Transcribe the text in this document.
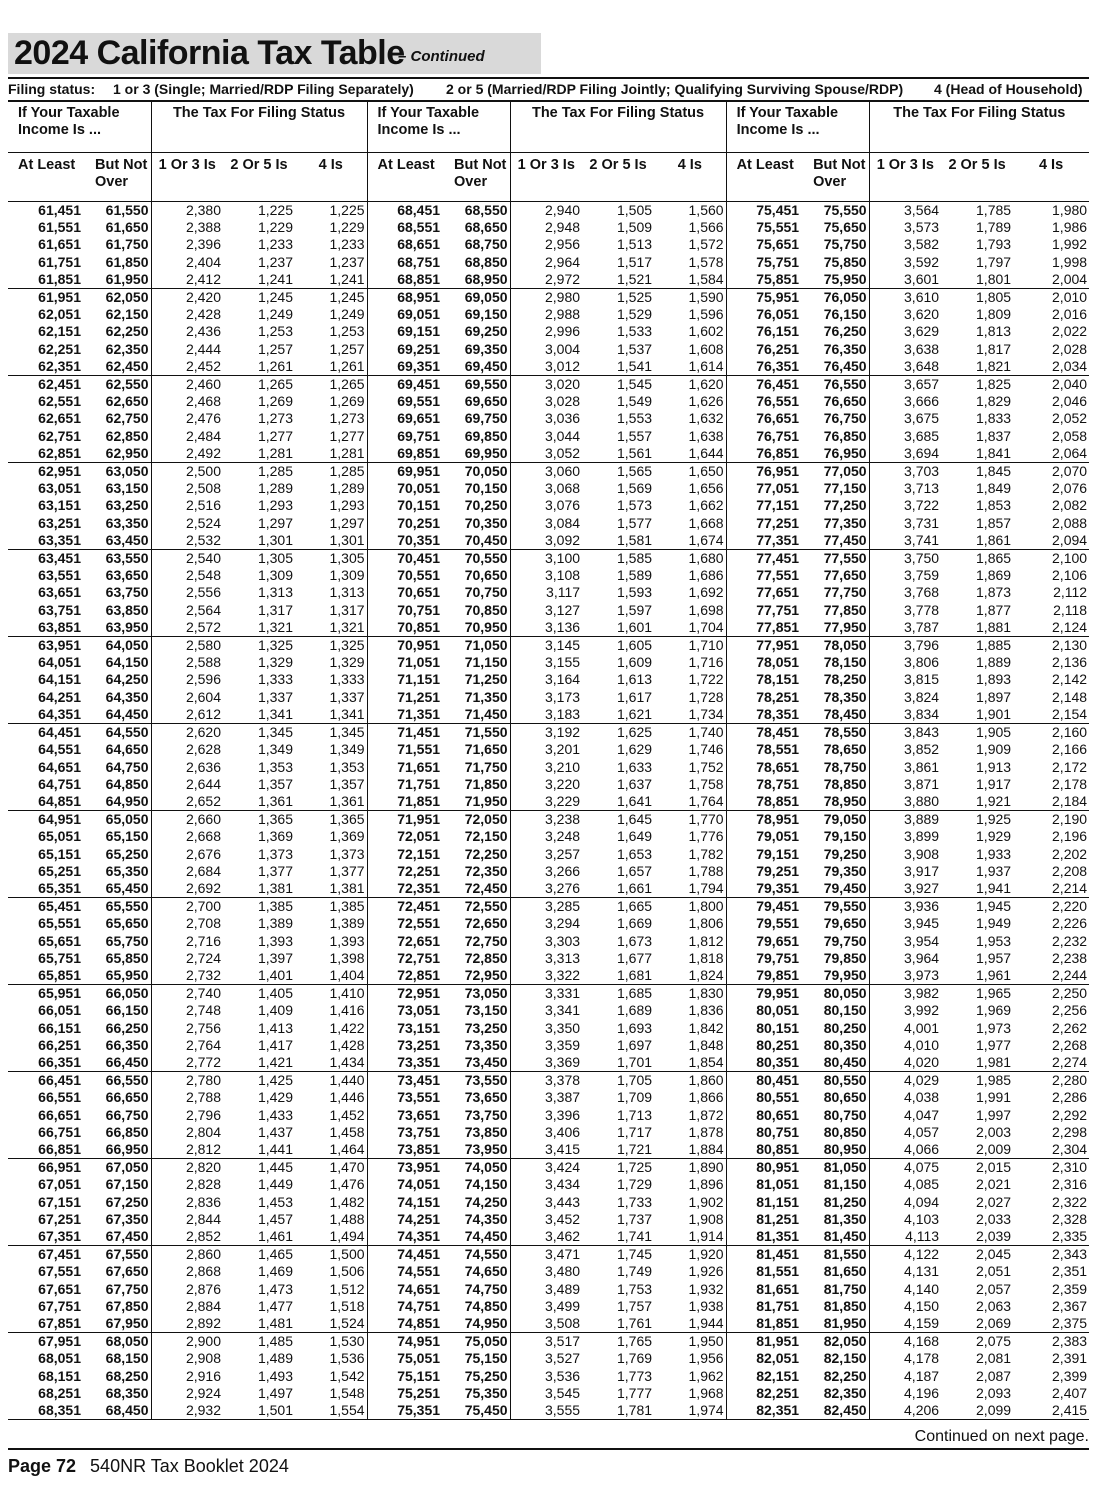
2024 California Tax Table
– Continued
Filing status: 1 or 3 (Single; Married/RDP Filing Separately) 2 or 5 (Married/RDP Filing Jointly; Qualifying Surviving Spouse/RDP) 4 (Head of Household)
If Your Taxable Income Is ...		The Tax For Filing Status			If Your Taxable Income Is ...		The Tax For Filing Status			If Your Taxable Income Is ...		The Tax For Filing Status		
At Least	But Not Over	1 Or 3 Is	2 Or 5 Is	4 Is	At Least	But Not Over	1 Or 3 Is	2 Or 5 Is	4 Is	At Least	But Not Over	1 Or 3 Is	2 Or 5 Is	4 Is
61,451	61,550	2,380	1,225	1,225	68,451	68,550	2,940	1,505	1,560	75,451	75,550	3,564	1,785	1,980
61,551	61,650	2,388	1,229	1,229	68,551	68,650	2,948	1,509	1,566	75,551	75,650	3,573	1,789	1,986
61,651	61,750	2,396	1,233	1,233	68,651	68,750	2,956	1,513	1,572	75,651	75,750	3,582	1,793	1,992
61,751	61,850	2,404	1,237	1,237	68,751	68,850	2,964	1,517	1,578	75,751	75,850	3,592	1,797	1,998
61,851	61,950	2,412	1,241	1,241	68,851	68,950	2,972	1,521	1,584	75,851	75,950	3,601	1,801	2,004
61,951	62,050	2,420	1,245	1,245	68,951	69,050	2,980	1,525	1,590	75,951	76,050	3,610	1,805	2,010
62,051	62,150	2,428	1,249	1,249	69,051	69,150	2,988	1,529	1,596	76,051	76,150	3,620	1,809	2,016
62,151	62,250	2,436	1,253	1,253	69,151	69,250	2,996	1,533	1,602	76,151	76,250	3,629	1,813	2,022
62,251	62,350	2,444	1,257	1,257	69,251	69,350	3,004	1,537	1,608	76,251	76,350	3,638	1,817	2,028
62,351	62,450	2,452	1,261	1,261	69,351	69,450	3,012	1,541	1,614	76,351	76,450	3,648	1,821	2,034
62,451	62,550	2,460	1,265	1,265	69,451	69,550	3,020	1,545	1,620	76,451	76,550	3,657	1,825	2,040
62,551	62,650	2,468	1,269	1,269	69,551	69,650	3,028	1,549	1,626	76,551	76,650	3,666	1,829	2,046
62,651	62,750	2,476	1,273	1,273	69,651	69,750	3,036	1,553	1,632	76,651	76,750	3,675	1,833	2,052
62,751	62,850	2,484	1,277	1,277	69,751	69,850	3,044	1,557	1,638	76,751	76,850	3,685	1,837	2,058
62,851	62,950	2,492	1,281	1,281	69,851	69,950	3,052	1,561	1,644	76,851	76,950	3,694	1,841	2,064
62,951	63,050	2,500	1,285	1,285	69,951	70,050	3,060	1,565	1,650	76,951	77,050	3,703	1,845	2,070
63,051	63,150	2,508	1,289	1,289	70,051	70,150	3,068	1,569	1,656	77,051	77,150	3,713	1,849	2,076
63,151	63,250	2,516	1,293	1,293	70,151	70,250	3,076	1,573	1,662	77,151	77,250	3,722	1,853	2,082
63,251	63,350	2,524	1,297	1,297	70,251	70,350	3,084	1,577	1,668	77,251	77,350	3,731	1,857	2,088
63,351	63,450	2,532	1,301	1,301	70,351	70,450	3,092	1,581	1,674	77,351	77,450	3,741	1,861	2,094
63,451	63,550	2,540	1,305	1,305	70,451	70,550	3,100	1,585	1,680	77,451	77,550	3,750	1,865	2,100
63,551	63,650	2,548	1,309	1,309	70,551	70,650	3,108	1,589	1,686	77,551	77,650	3,759	1,869	2,106
63,651	63,750	2,556	1,313	1,313	70,651	70,750	3,117	1,593	1,692	77,651	77,750	3,768	1,873	2,112
63,751	63,850	2,564	1,317	1,317	70,751	70,850	3,127	1,597	1,698	77,751	77,850	3,778	1,877	2,118
63,851	63,950	2,572	1,321	1,321	70,851	70,950	3,136	1,601	1,704	77,851	77,950	3,787	1,881	2,124
63,951	64,050	2,580	1,325	1,325	70,951	71,050	3,145	1,605	1,710	77,951	78,050	3,796	1,885	2,130
64,051	64,150	2,588	1,329	1,329	71,051	71,150	3,155	1,609	1,716	78,051	78,150	3,806	1,889	2,136
64,151	64,250	2,596	1,333	1,333	71,151	71,250	3,164	1,613	1,722	78,151	78,250	3,815	1,893	2,142
64,251	64,350	2,604	1,337	1,337	71,251	71,350	3,173	1,617	1,728	78,251	78,350	3,824	1,897	2,148
64,351	64,450	2,612	1,341	1,341	71,351	71,450	3,183	1,621	1,734	78,351	78,450	3,834	1,901	2,154
64,451	64,550	2,620	1,345	1,345	71,451	71,550	3,192	1,625	1,740	78,451	78,550	3,843	1,905	2,160
64,551	64,650	2,628	1,349	1,349	71,551	71,650	3,201	1,629	1,746	78,551	78,650	3,852	1,909	2,166
64,651	64,750	2,636	1,353	1,353	71,651	71,750	3,210	1,633	1,752	78,651	78,750	3,861	1,913	2,172
64,751	64,850	2,644	1,357	1,357	71,751	71,850	3,220	1,637	1,758	78,751	78,850	3,871	1,917	2,178
64,851	64,950	2,652	1,361	1,361	71,851	71,950	3,229	1,641	1,764	78,851	78,950	3,880	1,921	2,184
64,951	65,050	2,660	1,365	1,365	71,951	72,050	3,238	1,645	1,770	78,951	79,050	3,889	1,925	2,190
65,051	65,150	2,668	1,369	1,369	72,051	72,150	3,248	1,649	1,776	79,051	79,150	3,899	1,929	2,196
65,151	65,250	2,676	1,373	1,373	72,151	72,250	3,257	1,653	1,782	79,151	79,250	3,908	1,933	2,202
65,251	65,350	2,684	1,377	1,377	72,251	72,350	3,266	1,657	1,788	79,251	79,350	3,917	1,937	2,208
65,351	65,450	2,692	1,381	1,381	72,351	72,450	3,276	1,661	1,794	79,351	79,450	3,927	1,941	2,214
65,451	65,550	2,700	1,385	1,385	72,451	72,550	3,285	1,665	1,800	79,451	79,550	3,936	1,945	2,220
65,551	65,650	2,708	1,389	1,389	72,551	72,650	3,294	1,669	1,806	79,551	79,650	3,945	1,949	2,226
65,651	65,750	2,716	1,393	1,393	72,651	72,750	3,303	1,673	1,812	79,651	79,750	3,954	1,953	2,232
65,751	65,850	2,724	1,397	1,398	72,751	72,850	3,313	1,677	1,818	79,751	79,850	3,964	1,957	2,238
65,851	65,950	2,732	1,401	1,404	72,851	72,950	3,322	1,681	1,824	79,851	79,950	3,973	1,961	2,244
65,951	66,050	2,740	1,405	1,410	72,951	73,050	3,331	1,685	1,830	79,951	80,050	3,982	1,965	2,250
66,051	66,150	2,748	1,409	1,416	73,051	73,150	3,341	1,689	1,836	80,051	80,150	3,992	1,969	2,256
66,151	66,250	2,756	1,413	1,422	73,151	73,250	3,350	1,693	1,842	80,151	80,250	4,001	1,973	2,262
66,251	66,350	2,764	1,417	1,428	73,251	73,350	3,359	1,697	1,848	80,251	80,350	4,010	1,977	2,268
66,351	66,450	2,772	1,421	1,434	73,351	73,450	3,369	1,701	1,854	80,351	80,450	4,020	1,981	2,274
66,451	66,550	2,780	1,425	1,440	73,451	73,550	3,378	1,705	1,860	80,451	80,550	4,029	1,985	2,280
66,551	66,650	2,788	1,429	1,446	73,551	73,650	3,387	1,709	1,866	80,551	80,650	4,038	1,991	2,286
66,651	66,750	2,796	1,433	1,452	73,651	73,750	3,396	1,713	1,872	80,651	80,750	4,047	1,997	2,292
66,751	66,850	2,804	1,437	1,458	73,751	73,850	3,406	1,717	1,878	80,751	80,850	4,057	2,003	2,298
66,851	66,950	2,812	1,441	1,464	73,851	73,950	3,415	1,721	1,884	80,851	80,950	4,066	2,009	2,304
66,951	67,050	2,820	1,445	1,470	73,951	74,050	3,424	1,725	1,890	80,951	81,050	4,075	2,015	2,310
67,051	67,150	2,828	1,449	1,476	74,051	74,150	3,434	1,729	1,896	81,051	81,150	4,085	2,021	2,316
67,151	67,250	2,836	1,453	1,482	74,151	74,250	3,443	1,733	1,902	81,151	81,250	4,094	2,027	2,322
67,251	67,350	2,844	1,457	1,488	74,251	74,350	3,452	1,737	1,908	81,251	81,350	4,103	2,033	2,328
67,351	67,450	2,852	1,461	1,494	74,351	74,450	3,462	1,741	1,914	81,351	81,450	4,113	2,039	2,335
67,451	67,550	2,860	1,465	1,500	74,451	74,550	3,471	1,745	1,920	81,451	81,550	4,122	2,045	2,343
67,551	67,650	2,868	1,469	1,506	74,551	74,650	3,480	1,749	1,926	81,551	81,650	4,131	2,051	2,351
67,651	67,750	2,876	1,473	1,512	74,651	74,750	3,489	1,753	1,932	81,651	81,750	4,140	2,057	2,359
67,751	67,850	2,884	1,477	1,518	74,751	74,850	3,499	1,757	1,938	81,751	81,850	4,150	2,063	2,367
67,851	67,950	2,892	1,481	1,524	74,851	74,950	3,508	1,761	1,944	81,851	81,950	4,159	2,069	2,375
67,951	68,050	2,900	1,485	1,530	74,951	75,050	3,517	1,765	1,950	81,951	82,050	4,168	2,075	2,383
68,051	68,150	2,908	1,489	1,536	75,051	75,150	3,527	1,769	1,956	82,051	82,150	4,178	2,081	2,391
68,151	68,250	2,916	1,493	1,542	75,151	75,250	3,536	1,773	1,962	82,151	82,250	4,187	2,087	2,399
68,251	68,350	2,924	1,497	1,548	75,251	75,350	3,545	1,777	1,968	82,251	82,350	4,196	2,093	2,407
68,351	68,450	2,932	1,501	1,554	75,351	75,450	3,555	1,781	1,974	82,351	82,450	4,206	2,099	2,415
Continued on next page.
Page 72 540NR Tax Booklet 2024
